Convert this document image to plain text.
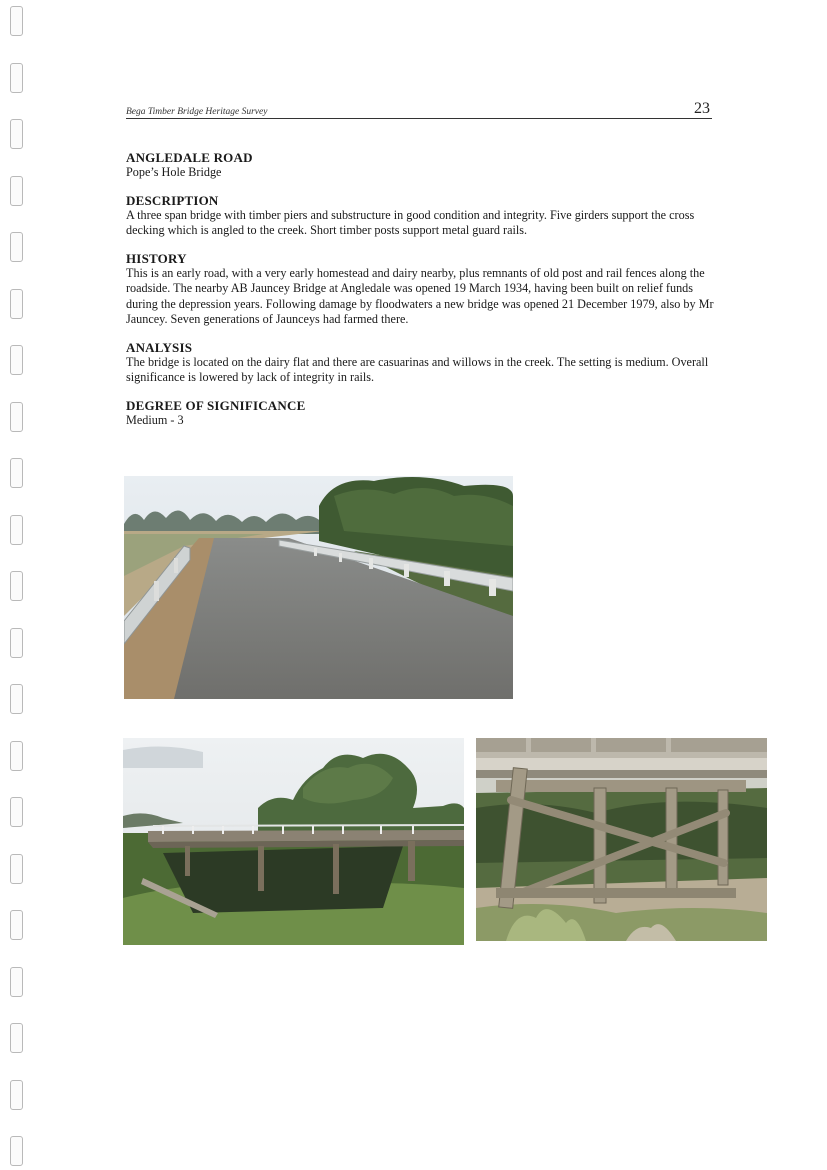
Bega Timber Bridge Heritage Survey	23
ANGLEDALE ROAD
Pope’s Hole Bridge
DESCRIPTION
A three span bridge with timber piers and substructure in good condition and integrity. Five girders support the cross decking which is angled to the creek. Short timber posts support metal guard rails.
HISTORY
This is an early road, with a very early homestead and dairy nearby, plus remnants of old post and rail fences along the roadside. The nearby AB Jauncey Bridge at Angledale was opened 19 March 1934, having been built on relief funds during the depression years. Following damage by floodwaters a new bridge was opened 21 December 1979, also by Mr Jauncey. Seven generations of Jaunceys had farmed there.
ANALYSIS
The bridge is located on the dairy flat and there are casuarinas and willows in the creek. The setting is medium. Overall significance is lowered by lack of integrity in rails.
DEGREE OF SIGNIFICANCE
Medium - 3
